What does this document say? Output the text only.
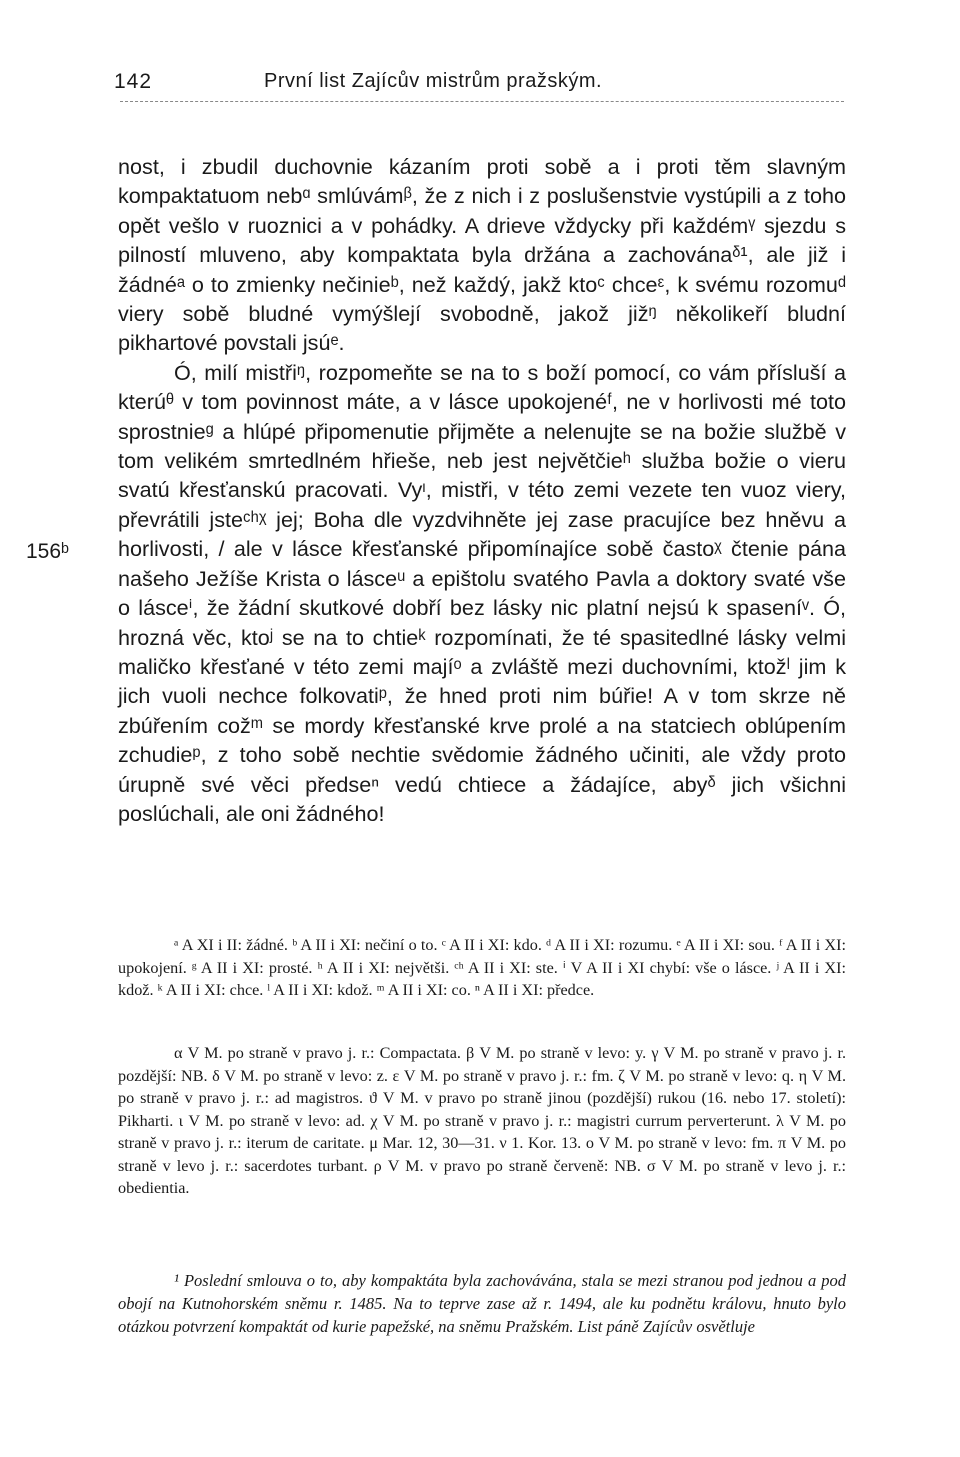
142	První list Zajícův mistrům pražským.
156ᵇ

nost, i zbudil duchovnie kázaním proti sobě a i proti těm slavným kompaktatuom nebᵅ smlúvámᵝ, že z nich i z poslušenstvie vystúpili a z toho opět vešlo v ruoznici a v pohádky. A drieve vždycky při každémᵞ sjezdu s pilností mluveno, aby kompaktata byla držána a zachovánaᵟ¹, ale již i žádnéᵃ o to zmienky nečinieᵇ, než každý, jakž ktoᶜ chceᵋ, k svému rozomuᵈ viery sobě bludné vymýšlejí svobodně, jakož jižᵑ několikeří bludní pikhartové povstali jsúᵉ.

Ó, milí mistřiᵑ, rozpomeňte se na to s boží pomocí, co vám přísluší a kterúᶿ v tom povinnost máte, a v lásce upokojenéᶠ, ne v horlivosti mé toto sprostnieᵍ a hlúpé připomenutie přijměte a nelenujte se na božie službě v tom velikém smrtedlném hřieše, neb jest největčieʰ služba božie o vieru svatú křesťanskú pracovati. Vyᶥ, mistři, v této zemi vezete ten vuoz viery, převrátili jsteᶜʰᵡ jej; Boha dle vyzdvihněte jej zase pracujíce bez hněvu a horlivosti, / ale v lásce křesťanské připomínajíce sobě častoᵡ čtenie pána našeho Ježíše Krista o lásceᵘ a epištolu svatého Pavla a doktory svaté vše o lásceⁱ, že žádní skutkové dobří bez lásky nic platní nejsú k spaseníᵛ. Ó, hrozná věc, ktoʲ se na to chtieᵏ rozpomínati, že té spasitedlné lásky velmi maličko křesťané v této zemi majíᵒ a zvláště mezi duchovními, ktožˡ jim k jich vuoli nechce folkovatiᵖ, že hned proti nim búřie! A v tom skrze ně zbúřením cožᵐ se mordy křesťanské krve prolé a na statciech oblúpením zchudieᵖ, z toho sobě nechtie svědomie žádného učiniti, ale vždy proto úrupně své věci předseⁿ vedú chtiece a žádajíce, abyᵟ jich všichni poslúchali, ale oni žádného!

ᵃ A XI i II: žádné. ᵇ A II i XI: nečiní o to. ᶜ A II i XI: kdo. ᵈ A II i XI: rozumu. ᵉ A II i XI: sou. ᶠ A II i XI: upokojení. ᵍ A II i XI: prosté. ʰ A II i XI: největši. ᶜʰ A II i XI: ste. ⁱ V A II i XI chybí: vše o lásce. ʲ A II i XI: kdož. ᵏ A II i XI: chce. ˡ A II i XI: kdož. ᵐ A II i XI: co. ⁿ A II i XI: předce.

α V M. po straně v pravo j. r.: Compactata. β V M. po straně v levo: y. γ V M. po straně v pravo j. r. pozdější: NB. δ V M. po straně v levo: z. ε V M. po straně v pravo j. r.: fm. ζ V M. po straně v levo: q. η V M. po straně v pravo j. r.: ad magistros. ϑ V M. v pravo po straně jinou (pozdější) rukou (16. nebo 17. století): Pikharti. ι V M. po straně v levo: ad. χ V M. po straně v pravo j. r.: magistri currum perverterunt. λ V M. po straně v pravo j. r.: iterum de caritate. μ Mar. 12, 30—31. ν 1. Kor. 13. ο V M. po straně v levo: fm. π V M. po straně v levo j. r.: sacerdotes turbant. ρ V M. v pravo po straně červeně: NB. σ V M. po straně v levo j. r.: obedientia.

¹ Poslední smlouva o to, aby kompaktáta byla zachovávána, stala se mezi stranou pod jednou a pod obojí na Kutnohorském sněmu r. 1485. Na to teprve zase až r. 1494, ale ku podnětu královu, hnuto bylo otázkou potvrzení kompaktát od kurie papežské, na sněmu Pražském. List páně Zajícův osvětluje
